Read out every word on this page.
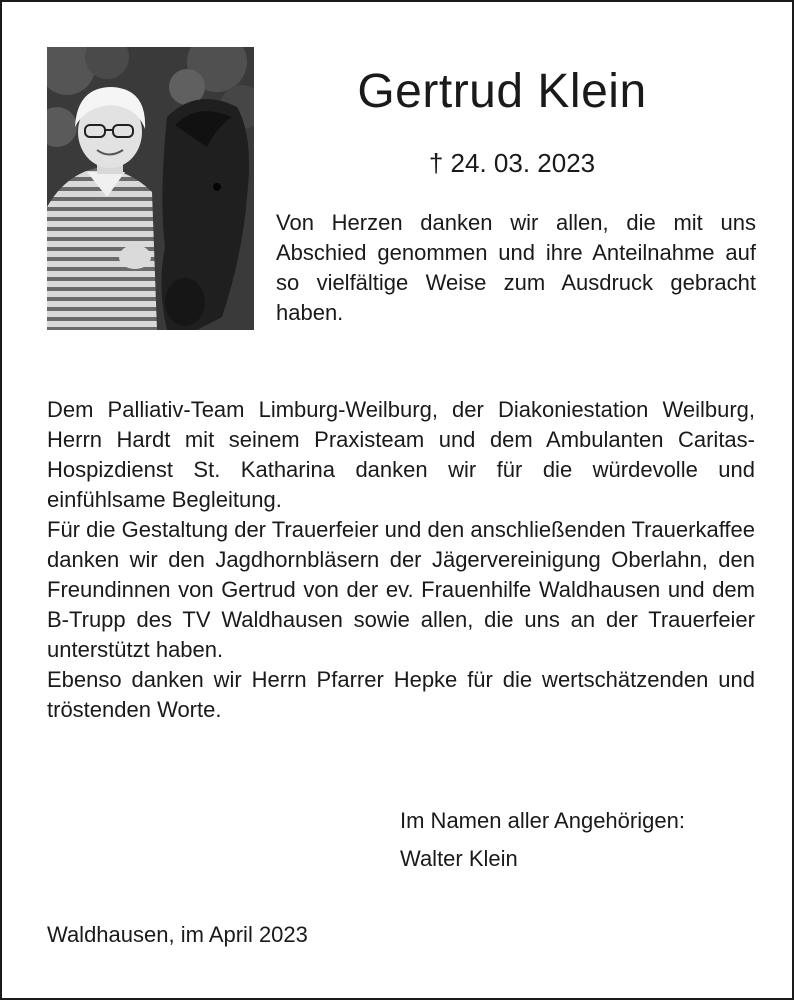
Gertrud Klein
† 24. 03. 2023
Von Herzen danken wir allen, die mit uns Abschied genommen und ihre Anteilnahme auf so vielfältige Weise zum Ausdruck gebracht haben.

Dem Palliativ-Team Limburg-Weilburg, der Diakoniestation Weilburg, Herrn Hardt mit seinem Praxisteam und dem Ambulanten Caritas-Hospizdienst St. Katharina danken wir für die würdevolle und einfühlsame Begleitung.

Für die Gestaltung der Trauerfeier und den anschließenden Trauerkaffee danken wir den Jagdhornbläsern der Jägervereinigung Oberlahn, den Freundinnen von Gertrud von der ev. Frauenhilfe Waldhausen und dem B-Trupp des TV Waldhausen sowie allen, die uns an der Trauerfeier unterstützt haben.

Ebenso danken wir Herrn Pfarrer Hepke für die wertschätzenden und tröstenden Worte.

Im Namen aller Angehörigen:
Walter Klein
Waldhausen, im April 2023
